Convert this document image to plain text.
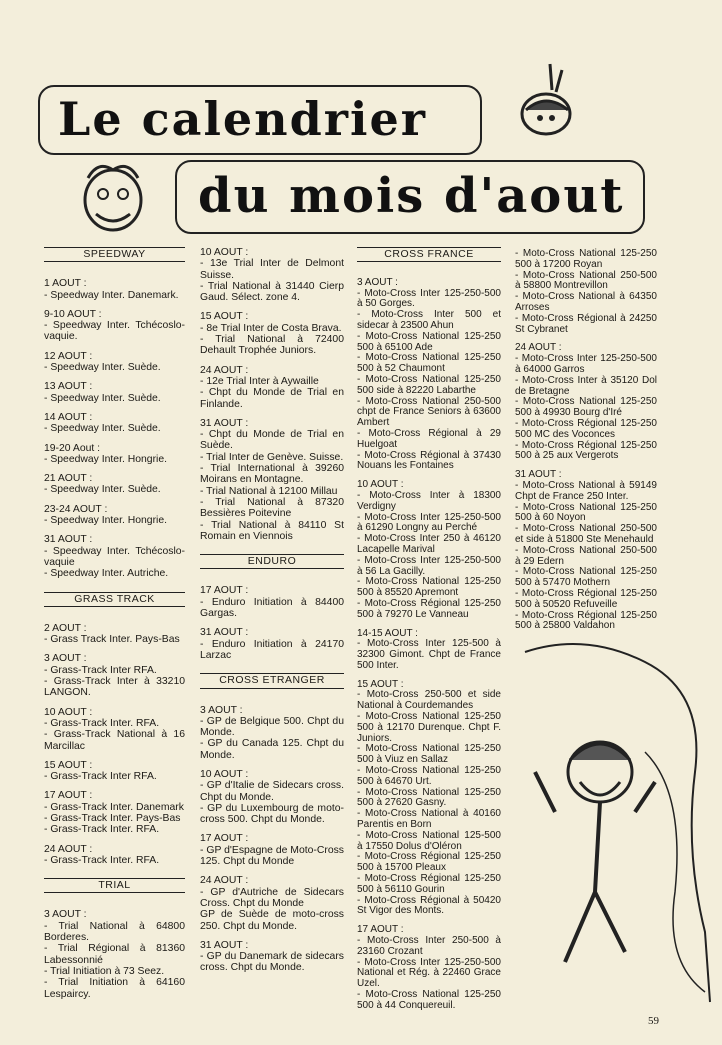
Le calendrier
du mois d'aout
SPEEDWAY
1 AOUT :
- Speedway Inter. Danemark.
9-10 AOUT :
- Speedway Inter. Tchécoslo- vaquie.
12 AOUT :
- Speedway Inter. Suède.
13 AOUT :
- Speedway Inter. Suède.
14 AOUT :
- Speedway Inter. Suède.
19-20 Aout :
- Speedway Inter. Hongrie.
21 AOUT :
- Speedway Inter. Suède.
23-24 AOUT :
- Speedway Inter. Hongrie.
31 AOUT :
- Speedway Inter. Tchécoslo- vaquie
- Speedway Inter. Autriche.
GRASS TRACK
2 AOUT :
- Grass Track Inter. Pays-Bas
3 AOUT :
- Grass-Track Inter RFA.
- Grass-Track Inter à 33210 LANGON.
10 AOUT :
- Grass-Track Inter. RFA.
- Grass-Track National à 16 Marcillac
15 AOUT :
- Grass-Track Inter RFA.
17 AOUT :
- Grass-Track Inter. Danemark
- Grass-Track Inter. Pays-Bas
- Grass-Track Inter. RFA.
24 AOUT :
- Grass-Track Inter. RFA.
TRIAL
3 AOUT :
- Trial National à 64800 Borderes.
- Trial Régional à 81360 Labessonnié
- Trial Initiation à 73 Seez.
- Trial Initiation à 64160 Lespaircy.
10 AOUT :
- 13e Trial Inter de Delmont Suisse.
- Trial National à 31440 Cierp Gaud. Sélect. zone 4.
15 AOUT :
- 8e Trial Inter de Costa Brava.
- Trial National à 72400 Dehault Trophée Juniors.
24 AOUT :
- 12e Trial Inter à Aywaille
- Chpt du Monde de Trial en Finlande.
31 AOUT :
- Chpt du Monde de Trial en Suède.
- Trial Inter de Genève. Suisse.
- Trial International à 39260 Moirans en Montagne.
- Trial National à 12100 Millau
- Trial National à 87320 Bessières Poitevine
- Trial National à 84110 St Romain en Viennois
ENDURO
17 AOUT :
- Enduro Initiation à 84400 Gargas.
31 AOUT :
- Enduro Initiation à 24170 Larzac
CROSS ETRANGER
3 AOUT :
- GP de Belgique 500. Chpt du Monde.
- GP du Canada 125. Chpt du Monde.
10 AOUT :
- GP d'Italie de Sidecars cross. Chpt du Monde.
- GP du Luxembourg de moto-cross 500. Chpt du Monde.
17 AOUT :
- GP d'Espagne de Moto-Cross 125. Chpt du Monde
24 AOUT :
- GP d'Autriche de Sidecars Cross. Chpt du Monde
GP de Suède de moto-cross 250. Chpt du Monde.
31 AOUT :
- GP du Danemark de sidecars cross. Chpt du Monde.
CROSS FRANCE
3 AOUT :
- Moto-Cross Inter 125-250-500 à 50 Gorges.
- Moto-Cross Inter 500 et sidecar à 23500 Ahun
- Moto-Cross National 125-250 500 à 65100 Ade
- Moto-Cross National 125-250 500 à 52 Chaumont
- Moto-Cross National 125-250 500 side à 82220 Labarthe
- Moto-Cross National 250-500 chpt de France Seniors à 63600 Ambert
- Moto-Cross Régional à 29 Huelgoat
- Moto-Cross Régional à 37430 Nouans les Fontaines
10 AOUT :
- Moto-Cross Inter à 18300 Verdigny
- Moto-Cross Inter 125-250-500 à 61290 Longny au Perché
- Moto-Cross Inter 250 à 46120 Lacapelle Marival
- Moto-Cross Inter 125-250-500 à 56 La Gacilly.
- Moto-Cross National 125-250 500 à 85520 Apremont
- Moto-Cross Régional 125-250 500 à 79270 Le Vanneau
14-15 AOUT :
- Moto-Cross Inter 125-500 à 32300 Gimont. Chpt de France 500 Inter.
15 AOUT :
- Moto-Cross 250-500 et side National à Courdemandes
- Moto-Cross National 125-250 500 à 12170 Durenque. Chpt F. Juniors.
- Moto-Cross National 125-250 500 à Viuz en Sallaz
- Moto-Cross National 125-250 500 à 64670 Urt.
- Moto-Cross National 125-250 500 à 27620 Gasny.
- Moto-Cross National à 40160 Parentis en Born
- Moto-Cross National 125-500 à 17550 Dolus d'Oléron
- Moto-Cross Régional 125-250 500 à 15700 Pleaux
- Moto-Cross Régional 125-250 500 à 56110 Gourin
- Moto-Cross Régional à 50420 St Vigor des Monts.
17 AOUT :
- Moto-Cross Inter 250-500 à 23160 Crozant
- Moto-Cross Inter 125-250-500 National et Rég. à 22460 Grace Uzel.
- Moto-Cross National 125-250 500 à 44 Conquereuil.
- Moto-Cross National 125-250 500 à 17200 Royan
- Moto-Cross National 250-500 à 58800 Montrevillon
- Moto-Cross National à 64350 Arroses
- Moto-Cross Régional à 24250 St Cybranet
24 AOUT :
- Moto-Cross Inter 125-250-500 à 64000 Garros
- Moto-Cross Inter à 35120 Dol de Bretagne
- Moto-Cross National 125-250 500 à 49930 Bourg d'Iré
- Moto-Cross Régional 125-250 500 MC des Voconces
- Moto-Cross Régional 125-250 500 à 25 aux Vergerots
31 AOUT :
- Moto-Cross National à 59149 Chpt de France 250 Inter.
- Moto-Cross National 125-250 500 à 60 Noyon
- Moto-Cross National 250-500 et side à 51800 Ste Menehauld
- Moto-Cross National 250-500 à 29 Edern
- Moto-Cross National 125-250 500 à 57470 Mothern
- Moto-Cross Régional 125-250 500 à 50520 Refuveille
- Moto-Cross Régional 125-250 500 à 25800 Valdahon
59
